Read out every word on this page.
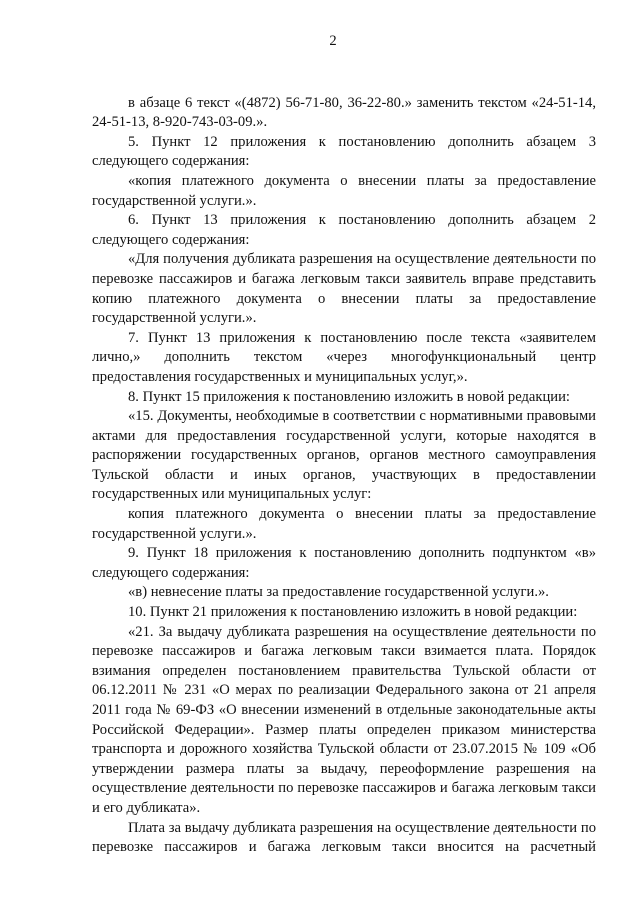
2

в абзаце 6 текст «(4872) 56-71-80, 36-22-80.» заменить текстом «24-51-14, 24-51-13, 8-920-743-03-09.».

5. Пункт 12 приложения к постановлению дополнить абзацем 3 следующего содержания:

«копия платежного документа о внесении платы за предоставление государственной услуги.».

6. Пункт 13 приложения к постановлению дополнить абзацем 2 следующего содержания:

«Для получения дубликата разрешения на осуществление деятельности по перевозке пассажиров и багажа легковым такси заявитель вправе представить копию платежного документа о внесении платы за предоставление государственной услуги.».

7. Пункт 13 приложения к постановлению после текста «заявителем лично,» дополнить текстом «через многофункциональный центр предоставления государственных и муниципальных услуг,».

8. Пункт 15 приложения к постановлению изложить в новой редакции:

«15. Документы, необходимые в соответствии с нормативными правовыми актами для предоставления государственной услуги, которые находятся в распоряжении государственных органов, органов местного самоуправления Тульской области и иных органов, участвующих в предоставлении государственных или муниципальных услуг:

копия платежного документа о внесении платы за предоставление государственной услуги.».

9. Пункт 18 приложения к постановлению дополнить подпунктом «в» следующего содержания:

«в) невнесение платы за предоставление государственной услуги.».

10. Пункт 21 приложения к постановлению изложить в новой редакции:

«21. За выдачу дубликата разрешения на осуществление деятельности по перевозке пассажиров и багажа легковым такси взимается плата. Порядок взимания определен постановлением правительства Тульской области от 06.12.2011 № 231 «О мерах по реализации Федерального закона от 21 апреля 2011 года № 69-ФЗ «О внесении изменений в отдельные законодательные акты Российской Федерации». Размер платы определен приказом министерства транспорта и дорожного хозяйства Тульской области от 23.07.2015 № 109 «Об утверждении размера платы за выдачу, переоформление разрешения на осуществление деятельности по перевозке пассажиров и багажа легковым такси и его дубликата».

Плата за выдачу дубликата разрешения на осуществление деятельности по перевозке пассажиров и багажа легковым такси вносится на расчетный
